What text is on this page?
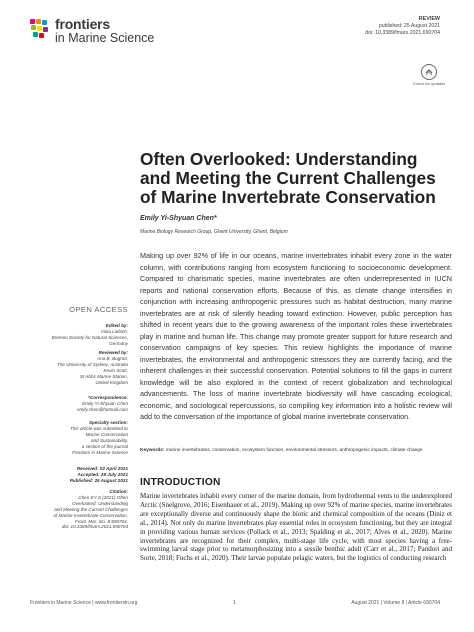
frontiers
in Marine Science
REVIEW
published: 25 August 2021
doi: 10.3389/fmars.2021.690704
Check for updates
Often Overlooked: Understanding and Meeting the Current Challenges of Marine Invertebrate Conservation
Emily Yi-Shyuan Chen*
Marine Biology Research Group, Ghent University, Ghent, Belgium
Making up over 92% of life in our oceans, marine invertebrates inhabit every zone in the water column, with contributions ranging from ecosystem functioning to socioeconomic development. Compared to charismatic species, marine invertebrates are often underrepresented in IUCN reports and national conservation efforts. Because of this, as climate change intensifies in conjunction with increasing anthropogenic pressures such as habitat destruction, many marine invertebrates are at risk of silently heading toward extinction. However, public perception has shifted in recent years due to the growing awareness of the important roles these invertebrates play in marine and human life. This change may promote greater support for future research and conservation campaigns of key species. This review highlights the importance of marine invertebrates, the environmental and anthropogenic stressors they are currently facing, and the inherent challenges in their successful conservation. Potential solutions to fill the gaps in current knowledge will be also explored in the context of recent globalization and technological advancements. The loss of marine invertebrate biodiversity will have cascading ecological, economic, and sociological repercussions, so compiling key information into a holistic review will add to the conversation of the importance of global marine invertebrate conservation.
Keywords: marine invertebrates, conservation, ecosystem function, environmental stressors, anthropogenic impacts, climate change
OPEN ACCESS
Edited by:
Viola Liebich,
Bremen Society for Natural Sciences,
Germany
Reviewed by:
Ana B. Bugnot,
The University of Sydney, Australia
Kevin Scott,
St Abbs Marine Station,
United Kingdom
*Correspondence:
Emily Yi-Shyuan Chen
emily.chen@hotmail.com
Specialty section:
This article was submitted to
Marine Conservation
and Sustainability,
a section of the journal
Frontiers in Marine Science
Received: 02 April 2021
Accepted: 28 July 2021
Published: 25 August 2021
Citation:
Chen EY-S (2021) Often
Overlooked: Understanding
and Meeting the Current Challenges
of Marine Invertebrate Conservation.
Front. Mar. Sci. 8:690704.
doi: 10.3389/fmars.2021.690704
INTRODUCTION
Marine invertebrates inhabit every corner of the marine domain, from hydrothermal vents to the underexplored Arctic (Snelgrove, 2016; Eisenhauer et al., 2019). Making up over 92% of marine species, marine invertebrates are exceptionally diverse and continuously shape the biotic and chemical composition of the oceans (Diniz et al., 2014). Not only do marine invertebrates play essential roles in ecosystem functioning, but they are integral in providing various human services (Pollack et al., 2013; Spalding et al., 2017; Alves et al., 2020). Marine invertebrates are recognized for their complex, multi-stage life cycle, with most species having a free-swimming larval stage prior to metamorphosizing into a sessile benthic adult (Carr et al., 2017; Pandori and Sorte, 2018; Fuchs et al., 2020). Their larvae populate pelagic waters, but the logistics of conducting research
Frontiers in Marine Science | www.frontiersin.org	1	August 2021 | Volume 8 | Article 690704
